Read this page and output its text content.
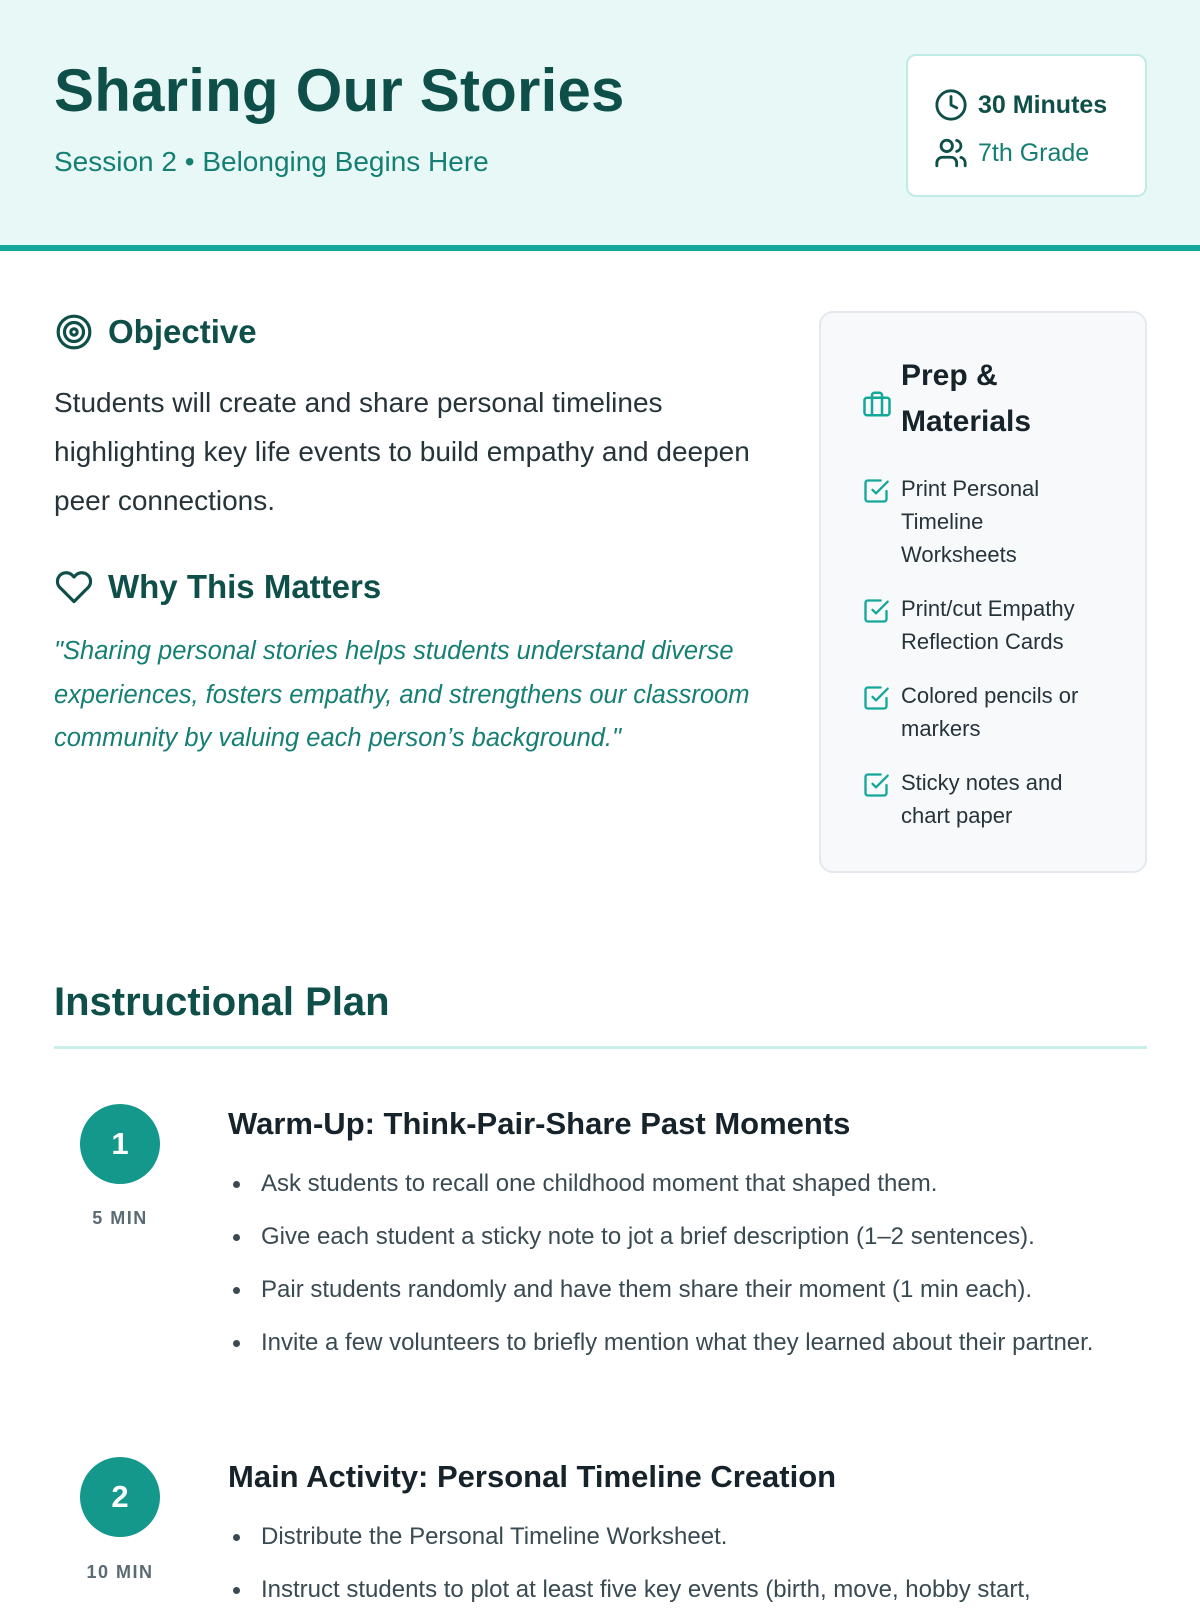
Sharing Our Stories
Session 2 • Belonging Begins Here
30 Minutes
7th Grade
Objective

Students will create and share personal timelines highlighting key life events to build empathy and deepen peer connections.

Why This Matters

"Sharing personal stories helps students understand diverse experiences, fosters empathy, and strengthens our classroom community by valuing each person’s background."

Prep & Materials
Print Personal Timeline Worksheets
Print/cut Empathy Reflection Cards
Colored pencils or markers
Sticky notes and chart paper
Instructional Plan
1
5 MIN
Warm-Up: Think-Pair-Share Past Moments
Ask students to recall one childhood moment that shaped them.
Give each student a sticky note to jot a brief description (1–2 sentences).
Pair students randomly and have them share their moment (1 min each).
Invite a few volunteers to briefly mention what they learned about their partner.
2
10 MIN
Main Activity: Personal Timeline Creation
Distribute the Personal Timeline Worksheet.
Instruct students to plot at least five key events (birth, move, hobby start,
